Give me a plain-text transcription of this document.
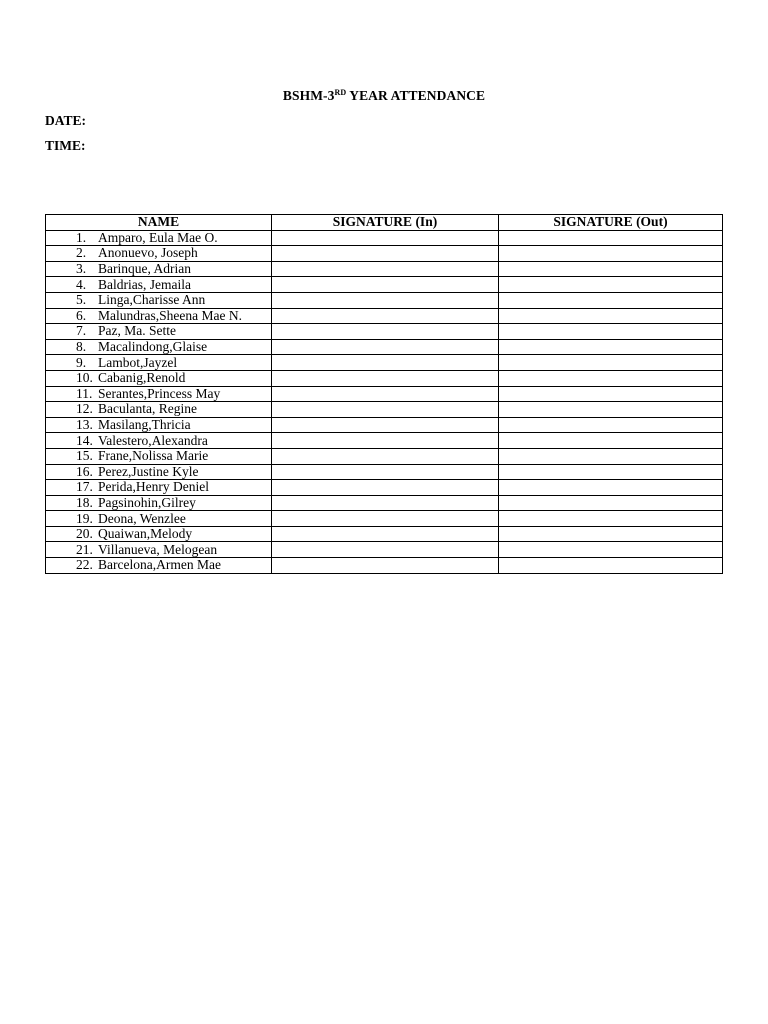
BSHM-3RD YEAR ATTENDANCE
DATE:
TIME:
NAME	SIGNATURE (In)	SIGNATURE (Out)
1. Amparo, Eula Mae O.		
2. Anonuevo, Joseph		
3. Barinque, Adrian		
4. Baldrias, Jemaila		
5. Linga,Charisse Ann		
6. Malundras,Sheena Mae N.		
7. Paz, Ma. Sette		
8. Macalindong,Glaise		
9. Lambot,Jayzel		
10. Cabanig,Renold		
11. Serantes,Princess May		
12. Baculanta, Regine		
13. Masilang,Thricia		
14. Valestero,Alexandra		
15. Frane,Nolissa Marie		
16. Perez,Justine Kyle		
17. Perida,Henry Deniel		
18. Pagsinohin,Gilrey		
19. Deona, Wenzlee		
20. Quaiwan,Melody		
21. Villanueva, Melogean		
22. Barcelona,Armen Mae		
